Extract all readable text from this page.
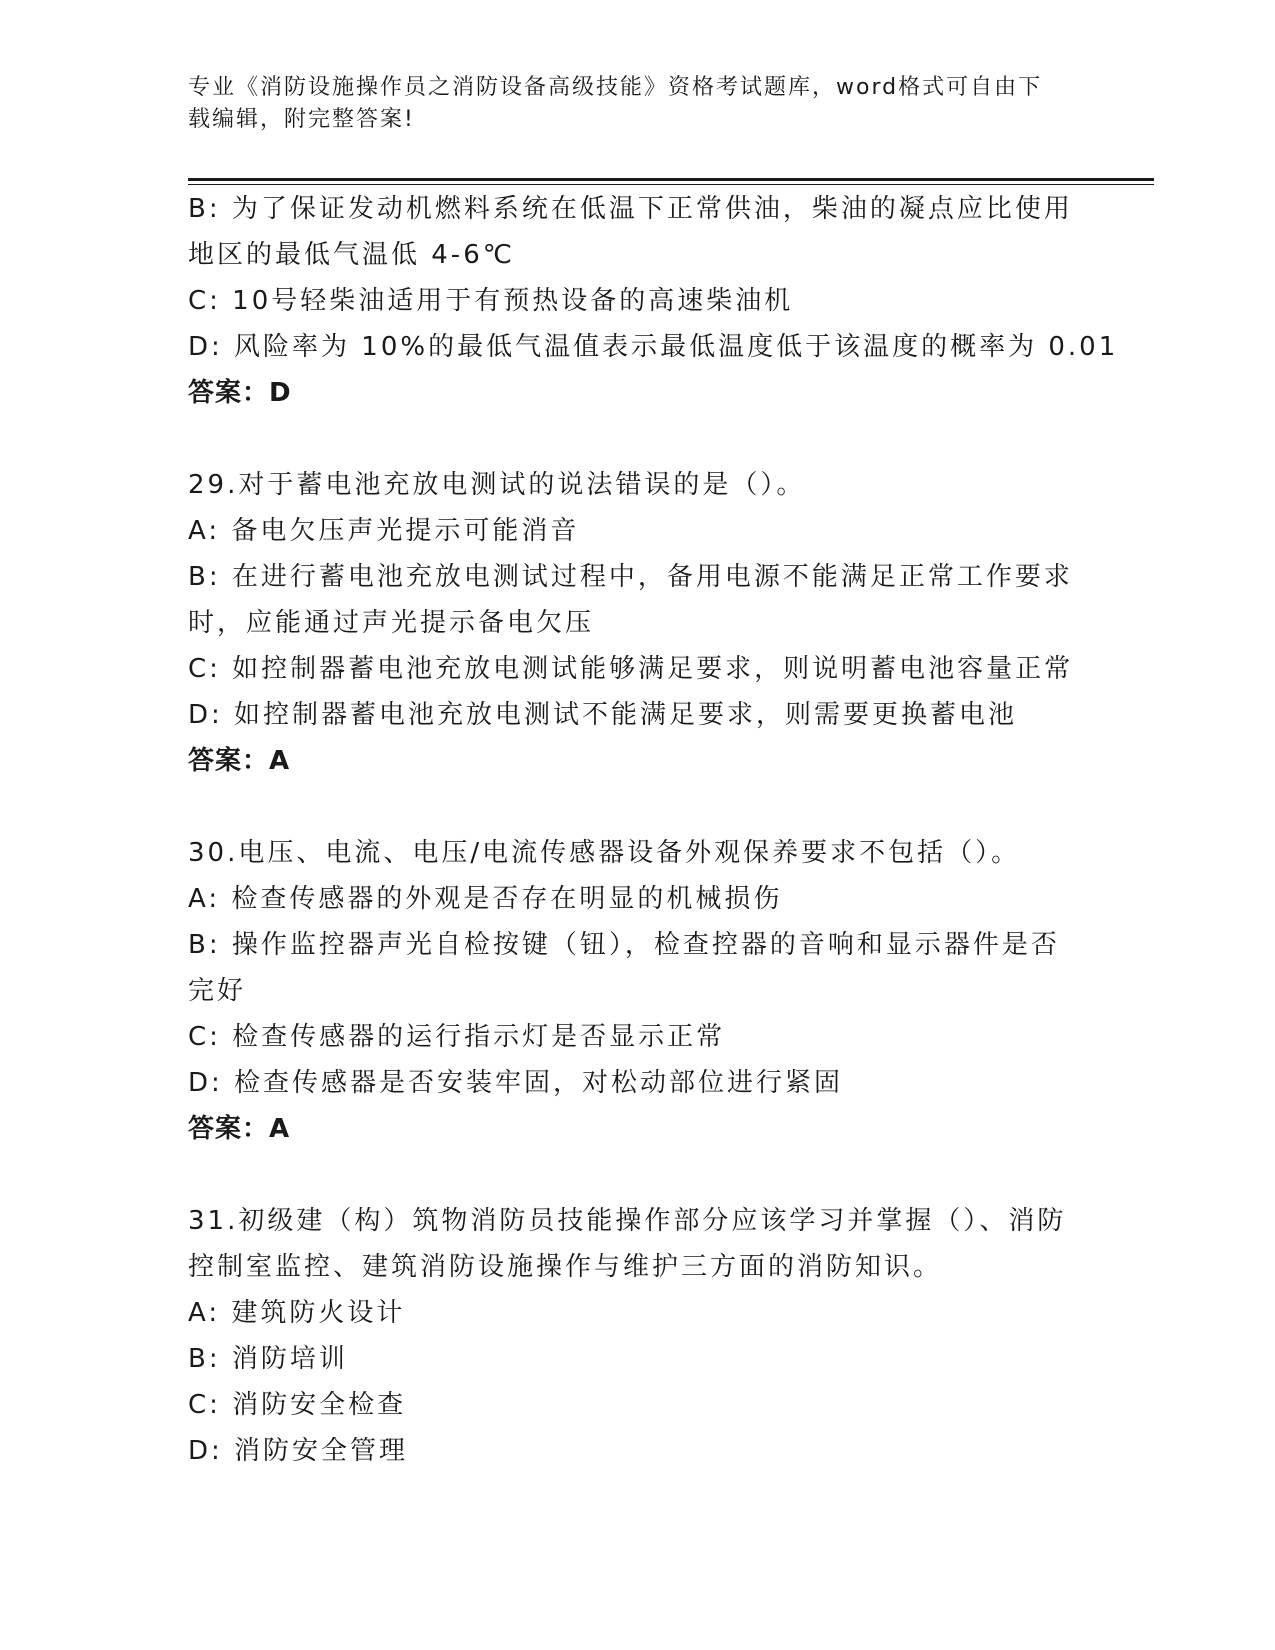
专业《消防设施操作员之消防设备高级技能》资格考试题库，word格式可自由下
载编辑，附完整答案!
B: 为了保证发动机燃料系统在低温下正常供油，柴油的凝点应比使用
地区的最低气温低 4-6℃
C: 10号轻柴油适用于有预热设备的高速柴油机
D: 风险率为 10%的最低气温值表示最低温度低于该温度的概率为 0.01
答案：D
29.对于蓄电池充放电测试的说法错误的是（）。
A: 备电欠压声光提示可能消音
B: 在进行蓄电池充放电测试过程中，备用电源不能满足正常工作要求
时，应能通过声光提示备电欠压
C: 如控制器蓄电池充放电测试能够满足要求，则说明蓄电池容量正常
D: 如控制器蓄电池充放电测试不能满足要求，则需要更换蓄电池
答案：A
30.电压、电流、电压/电流传感器设备外观保养要求不包括（）。
A: 检查传感器的外观是否存在明显的机械损伤
B: 操作监控器声光自检按键（钮），检查控器的音响和显示器件是否
完好
C: 检查传感器的运行指示灯是否显示正常
D: 检查传感器是否安装牢固，对松动部位进行紧固
答案：A
31.初级建（构）筑物消防员技能操作部分应该学习并掌握（）、消防
控制室监控、建筑消防设施操作与维护三方面的消防知识。
A: 建筑防火设计
B: 消防培训
C: 消防安全检查
D: 消防安全管理
